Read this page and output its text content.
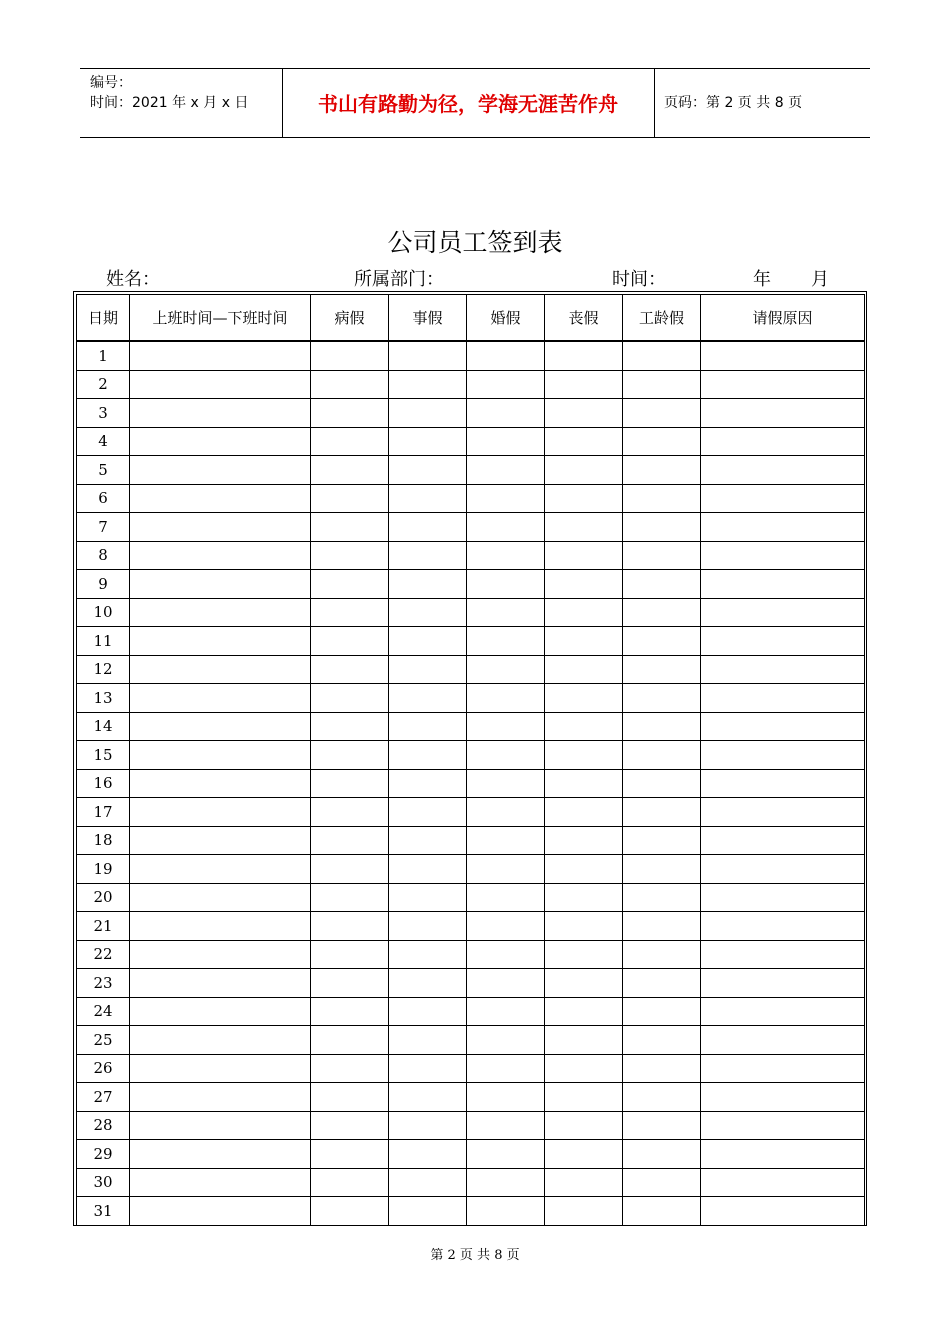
编号：
时间：2021 年 x 月 x 日	书山有路勤为径，学海无涯苦作舟	页码：第 2 页 共 8 页
公司员工签到表
姓名：	所属部门：	时间：	年 月
日期	上班时间—下班时间	病假	事假	婚假	丧假	工龄假	请假原因
1							
2							
3							
4							
5							
6							
7							
8							
9							
10							
11							
12							
13							
14							
15							
16							
17							
18							
19							
20							
21							
22							
23							
24							
25							
26							
27							
28							
29							
30							
31							
第 2 页 共 8 页
